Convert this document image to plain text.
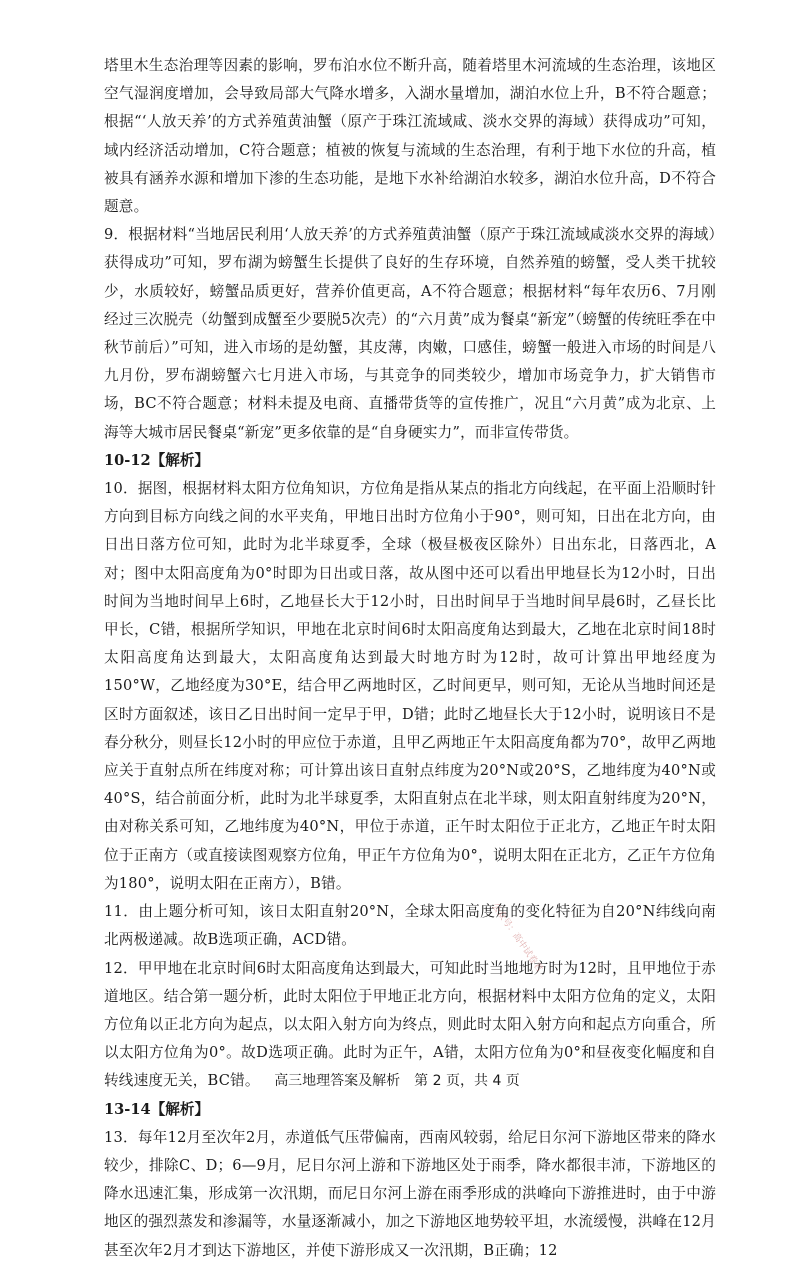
塔里木生态治理等因素的影响，罗布泊水位不断升高，随着塔里木河流域的生态治理，该地区空气湿润度增加，会导致局部大气降水增多，入湖水量增加，湖泊水位上升，B不符合题意；根据“‘人放天养’的方式养殖黄油蟹（原产于珠江流域咸、淡水交界的海域）获得成功”可知，域内经济活动增加，C符合题意；植被的恢复与流域的生态治理，有利于地下水位的升高，植被具有涵养水源和增加下渗的生态功能，是地下水补给湖泊水较多，湖泊水位升高，D不符合题意。

9．根据材料“当地居民利用‘人放天养’的方式养殖黄油蟹（原产于珠江流域咸淡水交界的海域）获得成功”可知，罗布湖为螃蟹生长提供了良好的生存环境，自然养殖的螃蟹，受人类干扰较少，水质较好，螃蟹品质更好，营养价值更高，A不符合题意；根据材料“每年农历6、7月刚经过三次脱壳（幼蟹到成蟹至少要脱5次壳）的“六月黄”成为餐桌“新宠”（螃蟹的传统旺季在中秋节前后）”可知，进入市场的是幼蟹，其皮薄，肉嫩，口感佳，螃蟹一般进入市场的时间是八九月份，罗布湖螃蟹六七月进入市场，与其竞争的同类较少，增加市场竞争力，扩大销售市场，BC不符合题意；材料未提及电商、直播带货等的宣传推广，况且“六月黄”成为北京、上海等大城市居民餐桌“新宠”更多依靠的是“自身硬实力”，而非宣传带货。

10-12【解析】

10．据图，根据材料太阳方位角知识，方位角是指从某点的指北方向线起，在平面上沿顺时针方向到目标方向线之间的水平夹角，甲地日出时方位角小于90°，则可知，日出在北方向，由日出日落方位可知，此时为北半球夏季，全球（极昼极夜区除外）日出东北，日落西北，A对；图中太阳高度角为0°时即为日出或日落，故从图中还可以看出甲地昼长为12小时，日出时间为当地时间早上6时，乙地昼长大于12小时，日出时间早于当地时间早晨6时，乙昼长比甲长，C错，根据所学知识，甲地在北京时间6时太阳高度角达到最大，乙地在北京时间18时太阳高度角达到最大，太阳高度角达到最大时地方时为12时，故可计算出甲地经度为150°W，乙地经度为30°E，结合甲乙两地时区，乙时间更早，则可知，无论从当地时间还是区时方面叙述，该日乙日出时间一定早于甲，D错；此时乙地昼长大于12小时，说明该日不是春分秋分，则昼长12小时的甲应位于赤道，且甲乙两地正午太阳高度角都为70°，故甲乙两地应关于直射点所在纬度对称；可计算出该日直射点纬度为20°N或20°S，乙地纬度为40°N或40°S，结合前面分析，此时为北半球夏季，太阳直射点在北半球，则太阳直射纬度为20°N，由对称关系可知，乙地纬度为40°N，甲位于赤道，正午时太阳位于正北方，乙地正午时太阳位于正南方（或直接读图观察方位角，甲正午方位角为0°，说明太阳在正北方，乙正午方位角为180°，说明太阳在正南方），B错。

11．由上题分析可知，该日太阳直射20°N，全球太阳高度角的变化特征为自20°N纬线向南北两极递减。故B选项正确，ACD错。

12．甲甲地在北京时间6时太阳高度角达到最大，可知此时当地地方时为12时，且甲地位于赤道地区。结合第一题分析，此时太阳位于甲地正北方向，根据材料中太阳方位角的定义，太阳方位角以正北方向为起点，以太阳入射方向为终点，则此时太阳入射方向和起点方向重合，所以太阳方位角为0°。故D选项正确。此时为正午，A错，太阳方位角为0°和昼夜变化幅度和自转线速度无关，BC错。

13-14【解析】

13．每年12月至次年2月，赤道低气压带偏南，西南风较弱，给尼日尔河下游地区带来的降水较少，排除C、D；6—9月，尼日尔河上游和下游地区处于雨季，降水都很丰沛，下游地区的降水迅速汇集，形成第一次汛期，而尼日尔河上游在雨季形成的洪峰向下游推进时，由于中游地区的强烈蒸发和渗漏等，水量逐渐减小，加之下游地区地势较平坦，水流缓慢，洪峰在12月甚至次年2月才到达下游地区，并使下游形成又一次汛期，B正确；12

公众号：高中试卷君
高三地理答案及解析　第 2 页，共 4 页
